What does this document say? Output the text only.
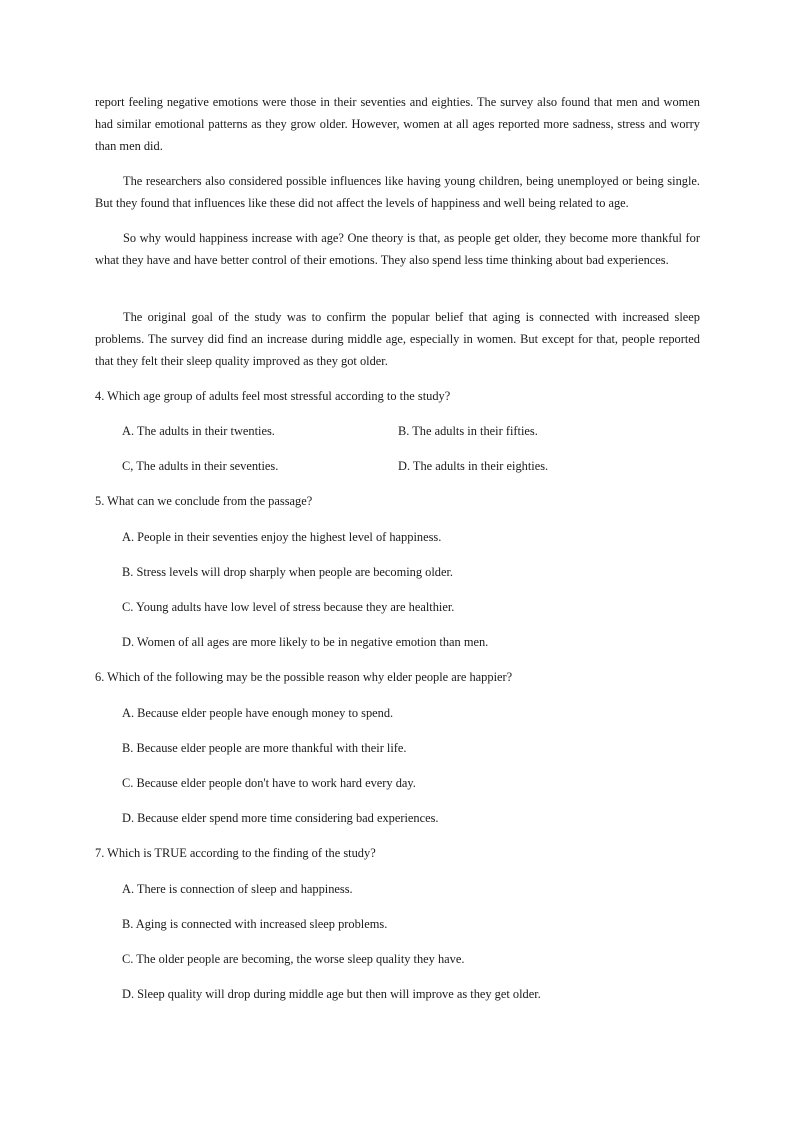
report feeling negative emotions were those in their seventies and eighties. The survey also found that men and women had similar emotional patterns as they grow older. However, women at all ages reported more sadness, stress and worry than men did.

The researchers also considered possible influences like having young children, being unemployed or being single. But they found that influences like these did not affect the levels of happiness and well being related to age.

So why would happiness increase with age? One theory is that, as people get older, they become more thankful for what they have and have better control of their emotions. They also spend less time thinking about bad experiences.

The original goal of the study was to confirm the popular belief that aging is connected with increased sleep problems. The survey did find an increase during middle age, especially in women. But except for that, people reported that they felt their sleep quality improved as they got older.

4. Which age group of adults feel most stressful according to the study?

A. The adults in their twenties.	B. The adults in their fifties.

C, The adults in their seventies.	D. The adults in their eighties.

5. What can we conclude from the passage?

A. People in their seventies enjoy the highest level of happiness.

B. Stress levels will drop sharply when people are becoming older.

C. Young adults have low level of stress because they are healthier.

D. Women of all ages are more likely to be in negative emotion than men.

6. Which of the following may be the possible reason why elder people are happier?

A. Because elder people have enough money to spend.

B. Because elder people are more thankful with their life.

C. Because elder people don't have to work hard every day.

D. Because elder spend more time considering bad experiences.

7. Which is TRUE according to the finding of the study?

A. There is connection of sleep and happiness.

B. Aging is connected with increased sleep problems.

C. The older people are becoming, the worse sleep quality they have.

D. Sleep quality will drop during middle age but then will improve as they get older.
